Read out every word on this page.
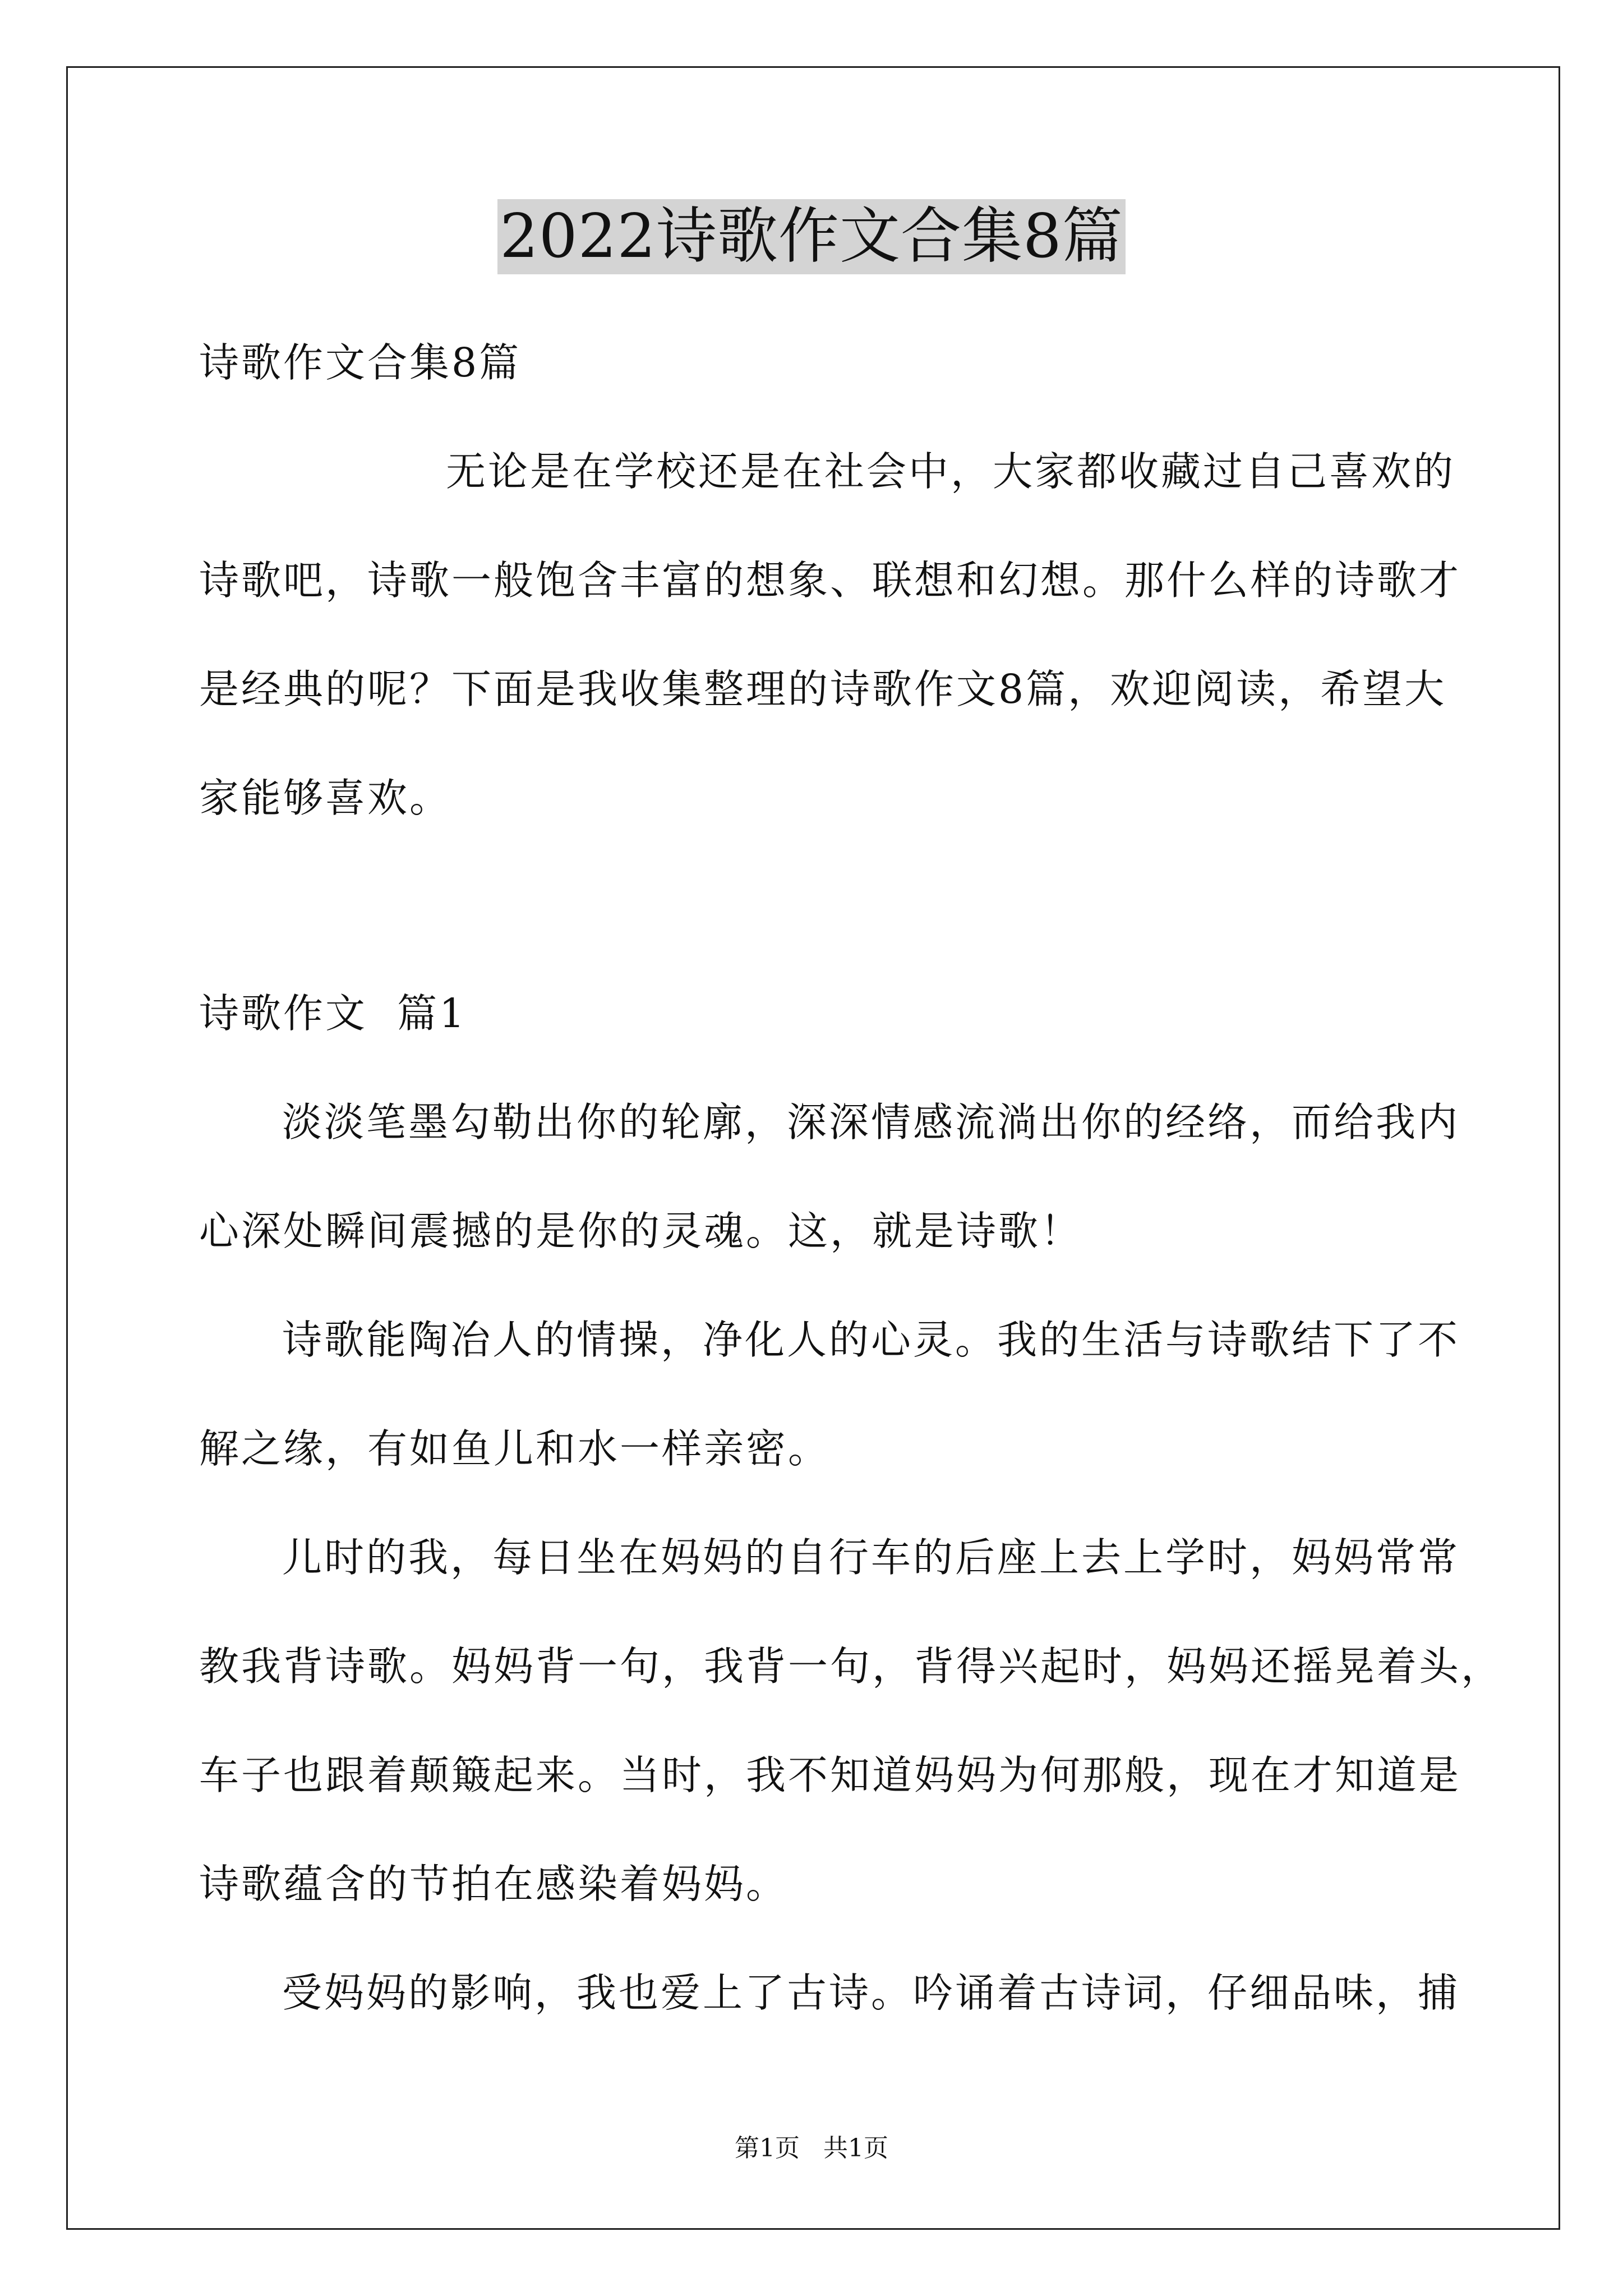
2022诗歌作文合集8篇
诗歌作文合集8篇
无论是在学校还是在社会中，大家都收藏过自己喜欢的
诗歌吧，诗歌一般饱含丰富的想象、联想和幻想。那什么样的诗歌才
是经典的呢？下面是我收集整理的诗歌作文8篇，欢迎阅读，希望大
家能够喜欢。
诗歌作文  篇1
淡淡笔墨勾勒出你的轮廓，深深情感流淌出你的经络，而给我内
心深处瞬间震撼的是你的灵魂。这，就是诗歌！
诗歌能陶冶人的情操，净化人的心灵。我的生活与诗歌结下了不
解之缘，有如鱼儿和水一样亲密。
儿时的我，每日坐在妈妈的自行车的后座上去上学时，妈妈常常
教我背诗歌。妈妈背一句，我背一句，背得兴起时，妈妈还摇晃着头，
车子也跟着颠簸起来。当时，我不知道妈妈为何那般，现在才知道是
诗歌蕴含的节拍在感染着妈妈。
受妈妈的影响，我也爱上了古诗。吟诵着古诗词，仔细品味，捕
第1页 共1页
